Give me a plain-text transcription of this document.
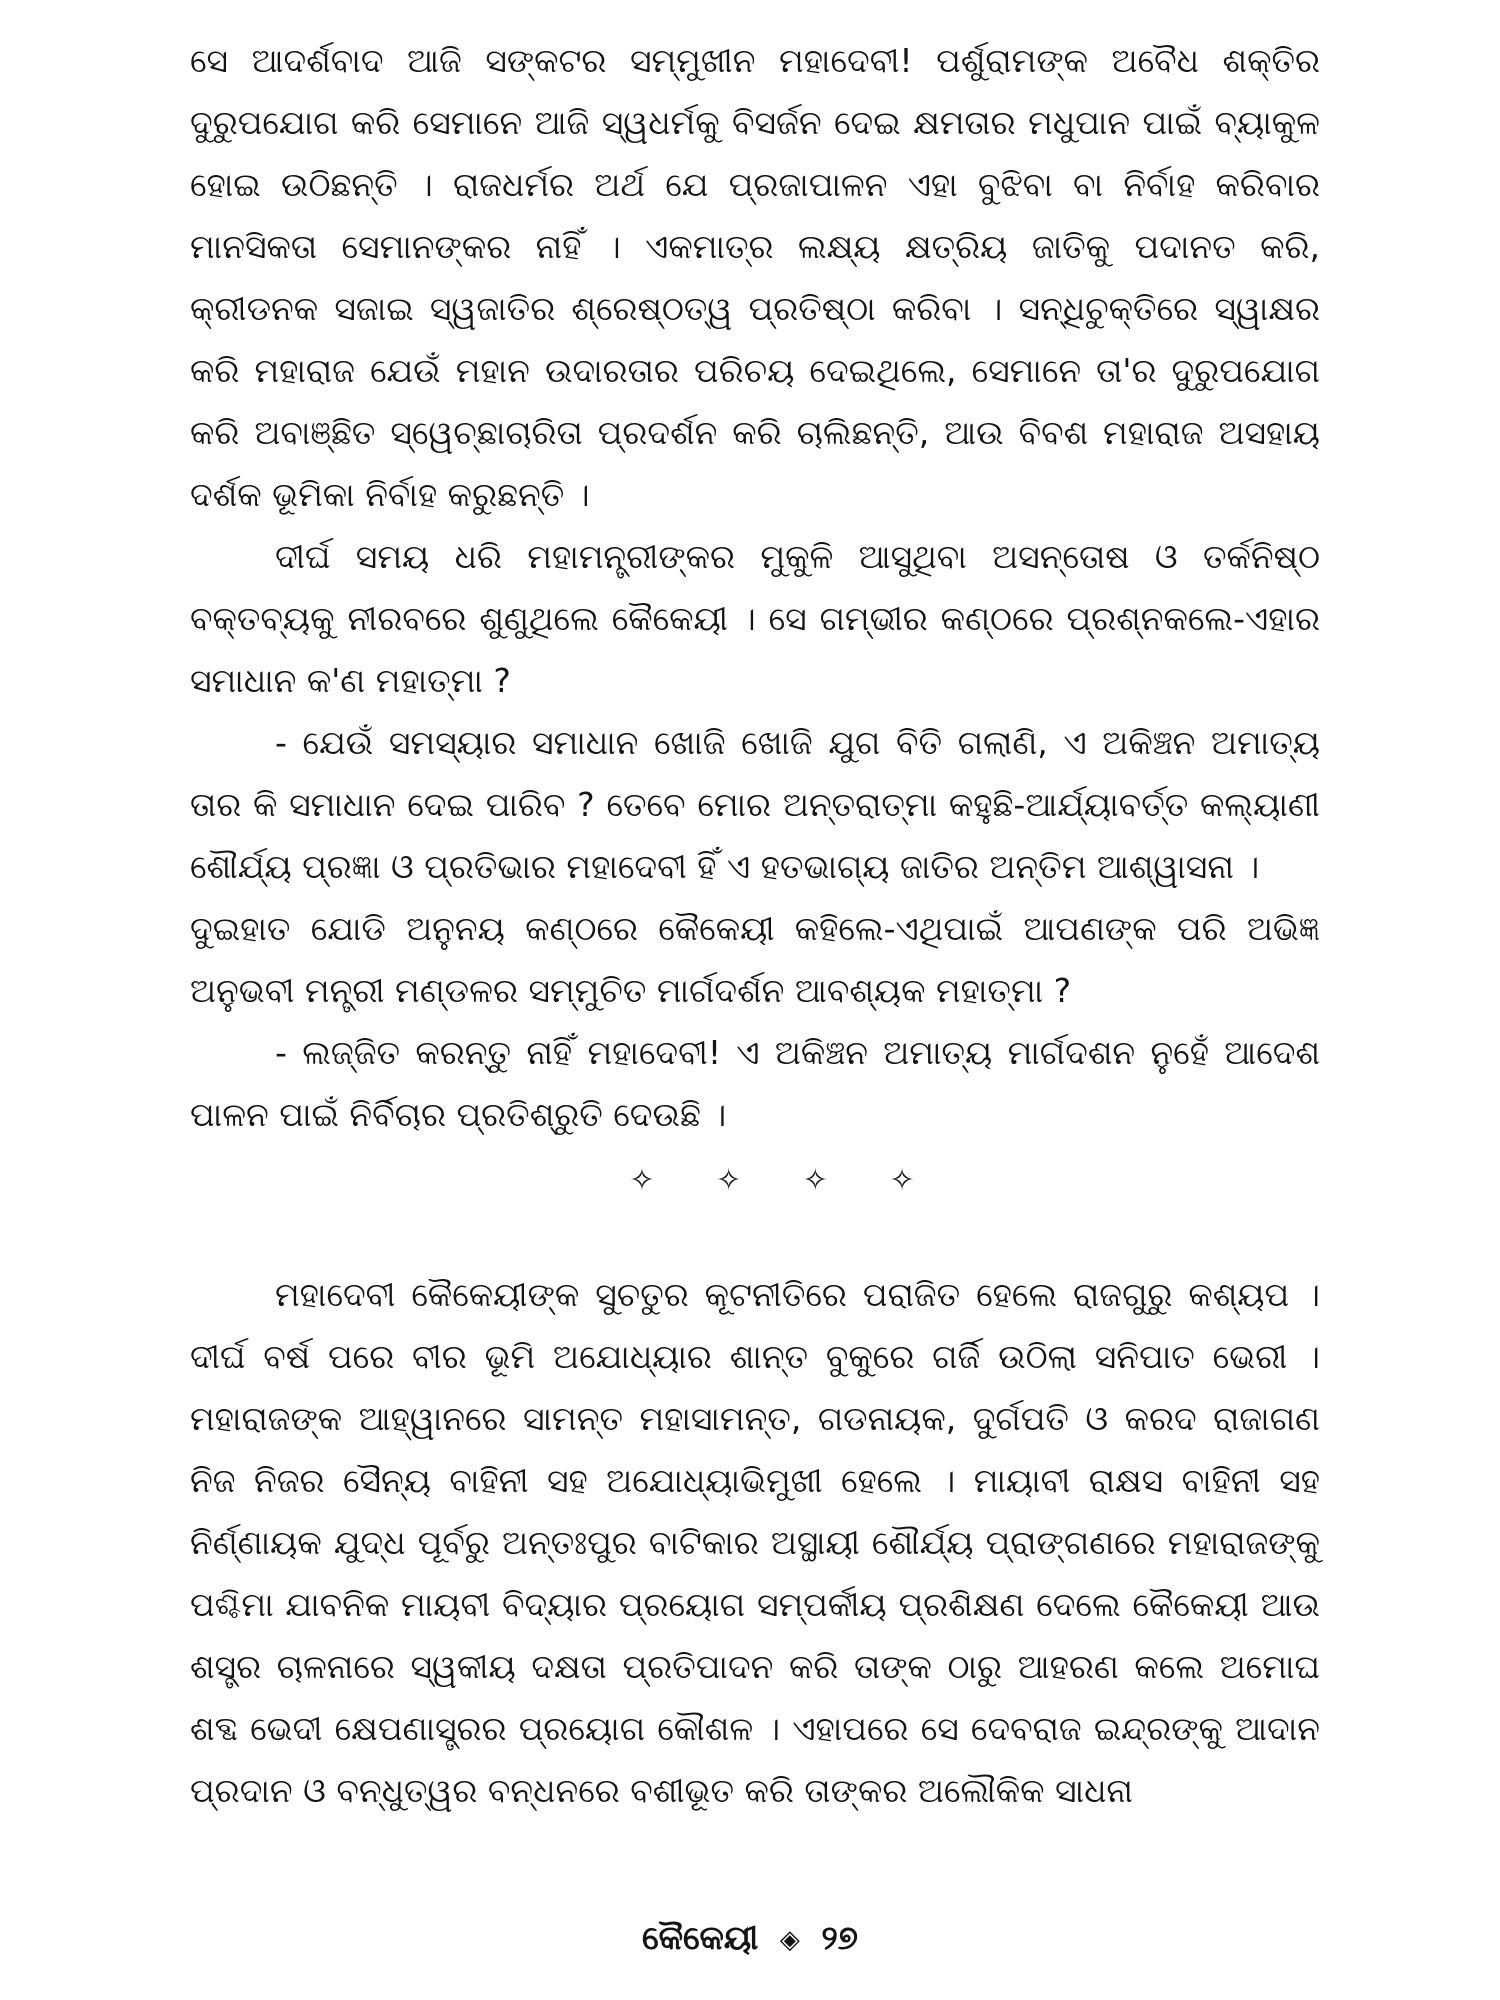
ସେ ଆଦର୍ଶବାଦ ଆଜି ସଙ୍କଟର ସମ୍ମୁଖୀନ ମହାଦେବୀ! ପର୍ଶୁରାମଙ୍କ ଅବୈଧ ଶକ୍ତିର ଦୁରୁପଯୋଗ କରି ସେମାନେ ଆଜି ସ୍ୱଧର୍ମକୁ ବିସର୍ଜନ ଦେଇ କ୍ଷମତାର ମଧୁପାନ ପାଇଁ ବ୍ୟାକୁଳ ହୋଇ ଉଠିଛନ୍ତି । ରାଜଧର୍ମର ଅର୍ଥ ଯେ ପ୍ରଜାପାଳନ ଏହା ବୁଝିବା ବା ନିର୍ବାହ କରିବାର ମାନସିକତା ସେମାନଙ୍କର ନାହିଁ । ଏକମାତ୍ର ଲକ୍ଷ୍ୟ କ୍ଷତ୍ରିୟ ଜାତିକୁ ପଦାନତ କରି, କ୍ରୀଡନକ ସଜାଇ ସ୍ୱଜାତିର ଶ୍ରେଷ୍ଠତ୍ୱ ପ୍ରତିଷ୍ଠା କରିବା । ସନ୍ଧିଚୁକ୍ତିରେ ସ୍ୱାକ୍ଷର କରି ମହାରାଜ ଯେଉଁ ମହାନ ଉଦାରତାର ପରିଚୟ ଦେଇଥିଲେ, ସେମାନେ ତା'ର ଦୁରୁପଯୋଗ କରି ଅବାଞ୍ଛିତ ସ୍ୱେଚ୍ଛାଚାରିତା ପ୍ରଦର୍ଶନ କରି ଚାଲିଛନ୍ତି, ଆଉ ବିବଶ ମହାରାଜ ଅସହାୟ ଦର୍ଶକ ଭୂମିକା ନିର୍ବାହ କରୁଛନ୍ତି ।

ଦୀର୍ଘ ସମୟ ଧରି ମହାମନ୍ତ୍ରୀଙ୍କର ମୁକୁଳି ଆସୁଥିବା ଅସନ୍ତୋଷ ଓ ତର୍କନିଷ୍ଠ ବକ୍ତବ୍ୟକୁ ନୀରବରେ ଶୁଣୁଥିଲେ କୈକେୟୀ । ସେ ଗମ୍ଭୀର କଣ୍ଠରେ ପ୍ରଶ୍ନକଲେ-ଏହାର ସମାଧାନ କ'ଣ ମହାତ୍ମା ?

- ଯେଉଁ ସମସ୍ୟାର ସମାଧାନ ଖୋଜି ଖୋଜି ଯୁଗ ବିତି ଗଲାଣି, ଏ ଅକିଞ୍ଚନ ଅମାତ୍ୟ ତାର କି ସମାଧାନ ଦେଇ ପାରିବ ? ତେବେ ମୋର ଅନ୍ତରାତ୍ମା କହୁଛି-ଆର୍ଯ୍ୟାବର୍ତ୍ତ କଲ୍ୟାଣୀ ଶୌର୍ଯ୍ୟ ପ୍ରଜ୍ଞା ଓ ପ୍ରତିଭାର ମହାଦେବୀ ହିଁ ଏ ହତଭାଗ୍ୟ ଜାତିର ଅନ୍ତିମ ଆଶ୍ୱାସନା ।

ଦୁଇହାତ ଯୋଡି ଅନୁନୟ କଣ୍ଠରେ କୈକେୟୀ କହିଲେ-ଏଥିପାଇଁ ଆପଣଙ୍କ ପରି ଅଭିଜ୍ଞ ଅନୁଭବୀ ମନ୍ତ୍ରୀ ମଣ୍ଡଳର ସମ୍ମୁଚିତ ମାର୍ଗଦର୍ଶନ ଆବଶ୍ୟକ ମହାତ୍ମା ?

- ଲଜ୍ଜିତ କରନ୍ତୁ ନାହିଁ ମହାଦେବୀ! ଏ ଅକିଞ୍ଚନ ଅମାତ୍ୟ ମାର୍ଗଦଶନ ନୁହେଁ ଆଦେଶ ପାଳନ ପାଇଁ ନିର୍ବିଚାର ପ୍ରତିଶ୍ରୁତି ଦେଉଛି ।

✧ ✧ ✧ ✧

ମହାଦେବୀ କୈକେୟୀଙ୍କ ସୁଚତୁର କୂଟନୀତିରେ ପରାଜିତ ହେଲେ ରାଜଗୁରୁ କଶ୍ୟପ । ଦୀର୍ଘ ବର୍ଷ ପରେ ବୀର ଭୂମି ଅଯୋଧ୍ୟାର ଶାନ୍ତ ବୁକୁରେ ଗର୍ଜି ଉଠିଲା ସନିପାତ ଭେରୀ । ମହାରାଜଙ୍କ ଆହ୍ୱାନରେ ସାମନ୍ତ ମହାସାମନ୍ତ, ଗଡନାୟକ, ଦୁର୍ଗପତି ଓ କରଦ ରାଜାଗଣ ନିଜ ନିଜର ସୈନ୍ୟ ବାହିନୀ ସହ ଅଯୋଧ୍ୟାଭିମୁଖୀ ହେଲେ । ମାୟାବୀ ରାକ୍ଷସ ବାହିନୀ ସହ ନିର୍ଣ୍ଣାୟକ ଯୁଦ୍ଧ ପୂର୍ବରୁ ଅନ୍ତଃପୁର ବାଟିକାର ଅସ୍ଥାୟୀ ଶୌର୍ଯ୍ୟ ପ୍ରାଙ୍ଗଣରେ ମହାରାଜଙ୍କୁ ପଶ୍ଚିମା ଯାବନିକ ମାୟବୀ ବିଦ୍ୟାର ପ୍ରୟୋଗ ସମ୍ପର୍କୀୟ ପ୍ରଶିକ୍ଷଣ ଦେଲେ କୈକେୟୀ ଆଉ ଶସ୍ତ୍ର ଚାଳନାରେ ସ୍ୱକୀୟ ଦକ୍ଷତା ପ୍ରତିପାଦନ କରି ତାଙ୍କ ଠାରୁ ଆହରଣ କଲେ ଅମୋଘ ଶବ୍ଦ ଭେଦୀ କ୍ଷେପଣାସ୍ତ୍ରର ପ୍ରୟୋଗ କୌଶଳ । ଏହାପରେ ସେ ଦେବରାଜ ଇନ୍ଦ୍ରଙ୍କୁ ଆଦାନ ପ୍ରଦାନ ଓ ବନ୍ଧୁତ୍ୱର ବନ୍ଧନରେ ବଶୀଭୂତ କରି ତାଙ୍କର ଅଲୌକିକ ସାଧନା

କୈକେୟୀ ◈ ୨୭
